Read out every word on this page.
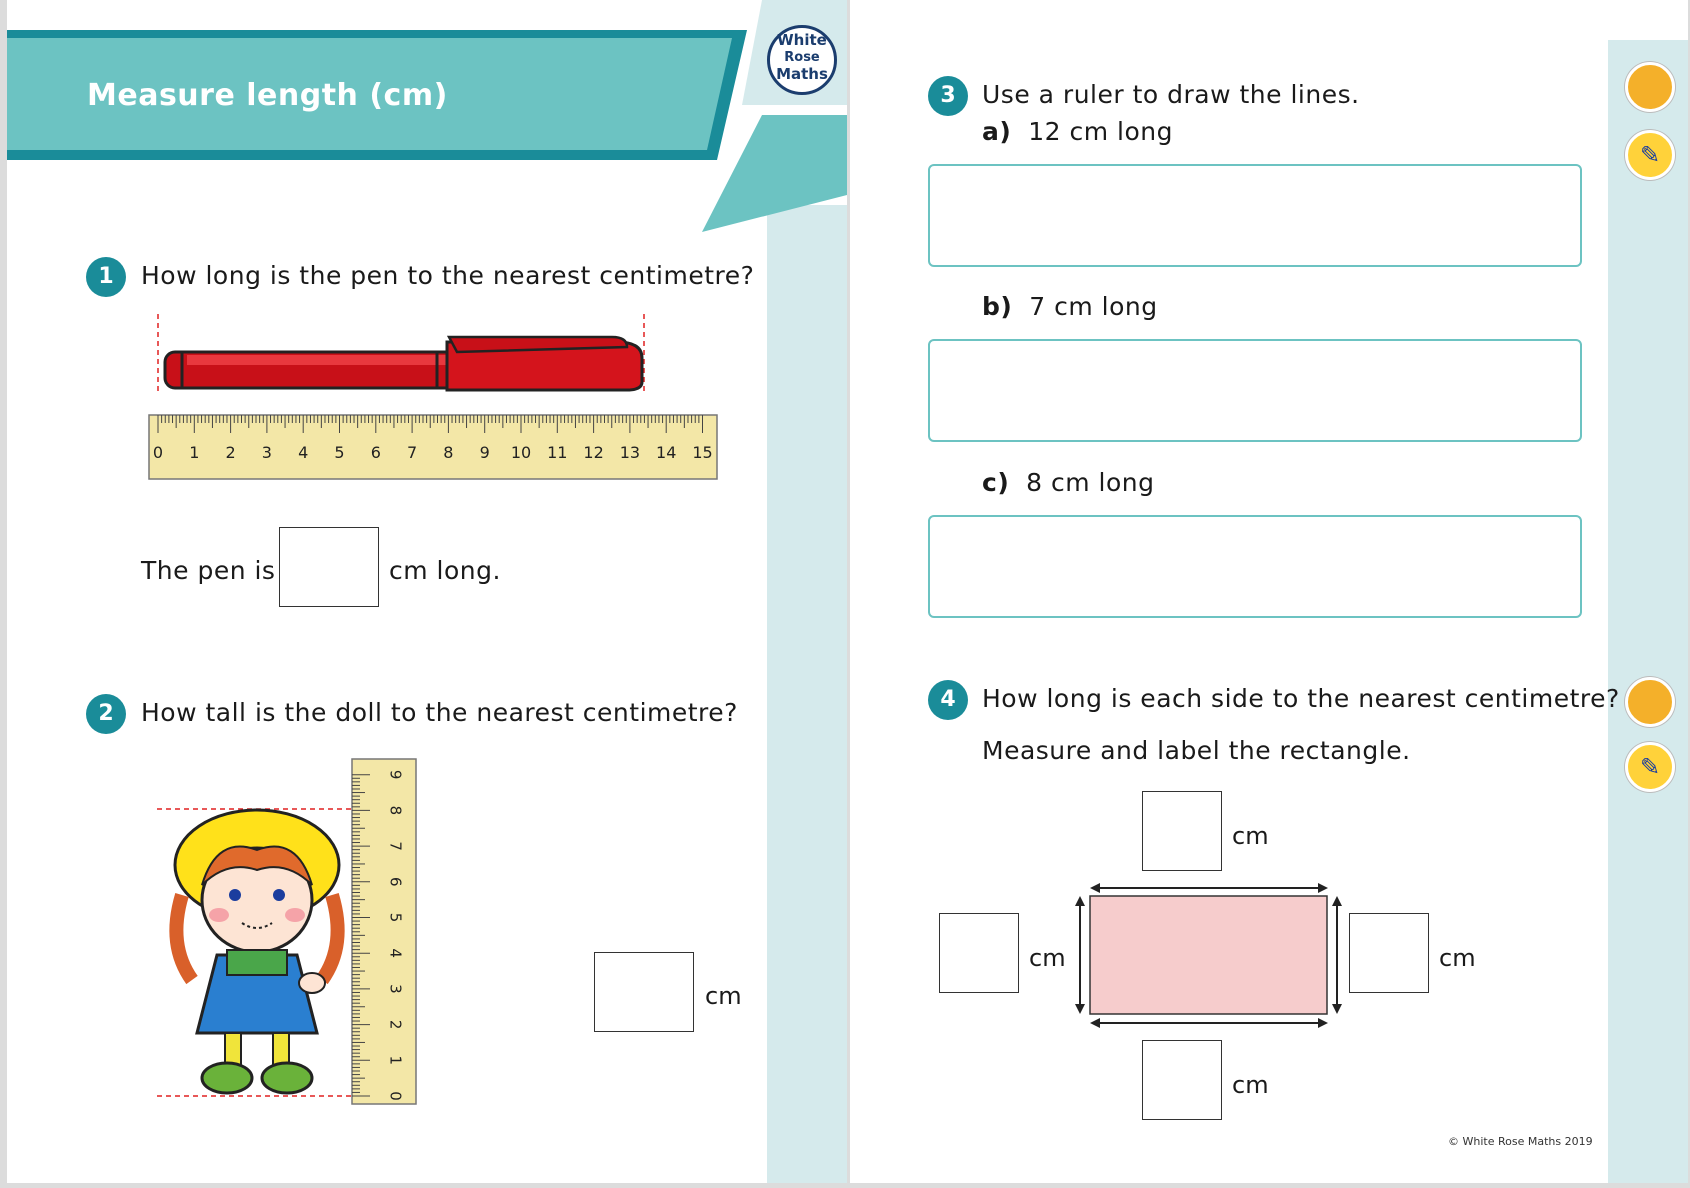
Measure length (cm)
White
Rose
Maths
1	How long is the pen to the nearest centimetre?
0 1 2 3 4 5 6 7 8 9 10 11 12 13 14 15
The pen is	cm long.
2	How tall is the doll to the nearest centimetre?
0
1
2
3
4
5
6
7
8
9
cm
✎
✎
3	Use a ruler to draw the lines.
a) 12 cm long
b) 7 cm long
c) 8 cm long
4	How long is each side to the nearest centimetre?
Measure and label the rectangle.
cm
cm	cm
cm
© White Rose Maths 2019
